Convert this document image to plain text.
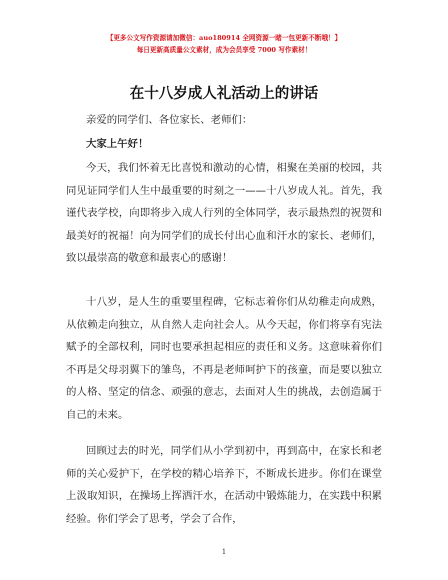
【更多公文写作资源请加微信：auo180914 全网资源一睹一包更新不断哦！】
每日更新高质量公文素材，成为会员享受 7000 写作素材！
在十八岁成人礼活动上的讲话

亲爱的同学们、各位家长、老师们：

大家上午好！

今天，我们怀着无比喜悦和激动的心情，相聚在美丽的校园，共同见证同学们人生中最重要的时刻之一——十八岁成人礼。首先，我谨代表学校，向即将步入成人行列的全体同学，表示最热烈的祝贺和最美好的祝福！向为同学们的成长付出心血和汗水的家长、老师们，致以最崇高的敬意和最衷心的感谢！

十八岁，是人生的重要里程碑，它标志着你们从幼稚走向成熟，从依赖走向独立，从自然人走向社会人。从今天起，你们将享有宪法赋予的全部权利，同时也要承担起相应的责任和义务。这意味着你们不再是父母羽翼下的雏鸟，不再是老师呵护下的孩童，而是要以独立的人格、坚定的信念、顽强的意志，去面对人生的挑战，去创造属于自己的未来。

回顾过去的时光，同学们从小学到初中，再到高中，在家长和老师的关心爱护下，在学校的精心培养下，不断成长进步。你们在课堂上汲取知识，在操场上挥洒汗水，在活动中锻炼能力，在实践中积累经验。你们学会了思考，学会了合作，

1
